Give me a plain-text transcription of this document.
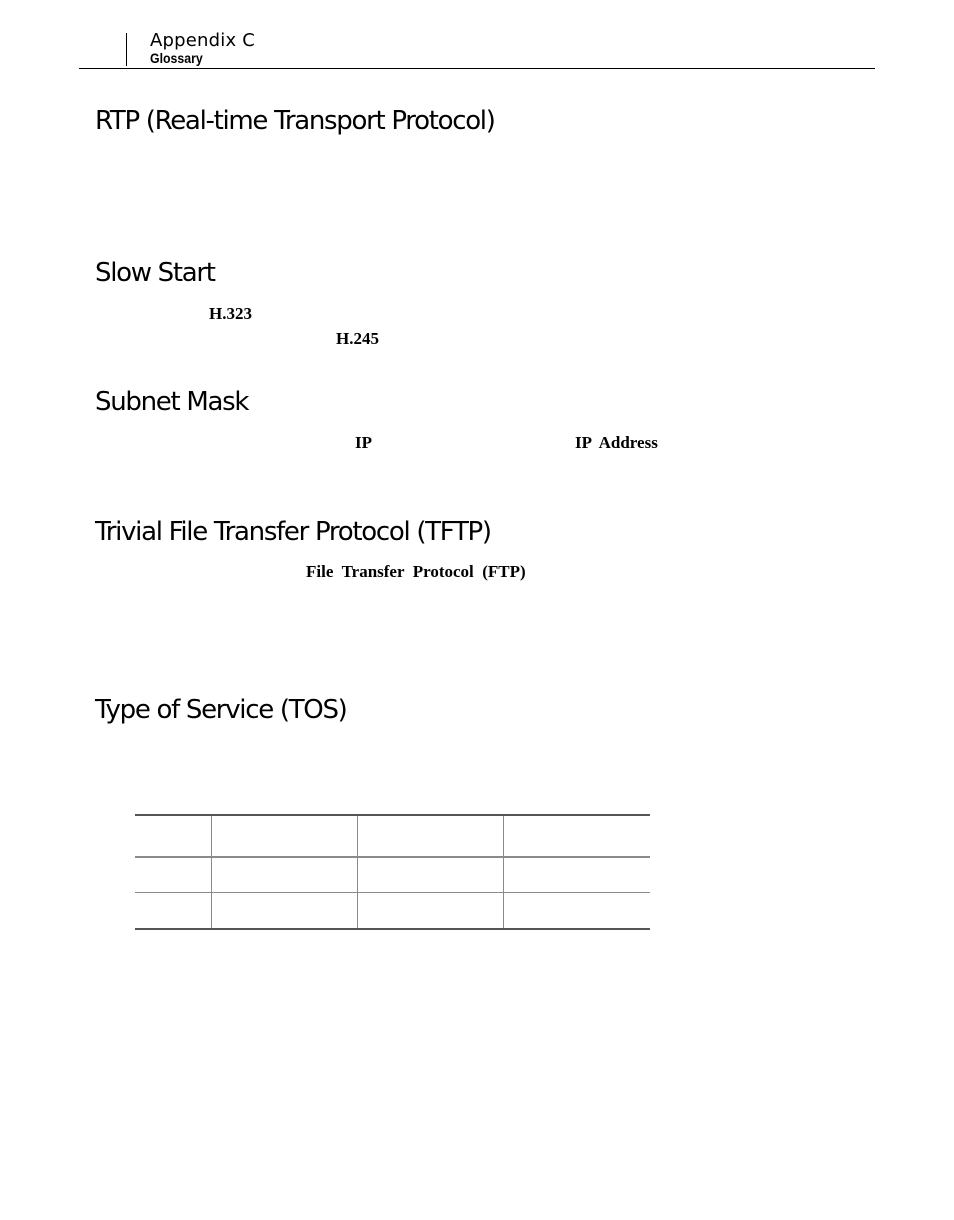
Appendix C
Glossary
RTP (Real-time Transport Protocol)
Slow Start
H.323
H.245
Subnet Mask
IP	IP  Address
Trivial File Transfer Protocol (TFTP)
File  Transfer  Protocol  (FTP)
Type of Service (TOS)
